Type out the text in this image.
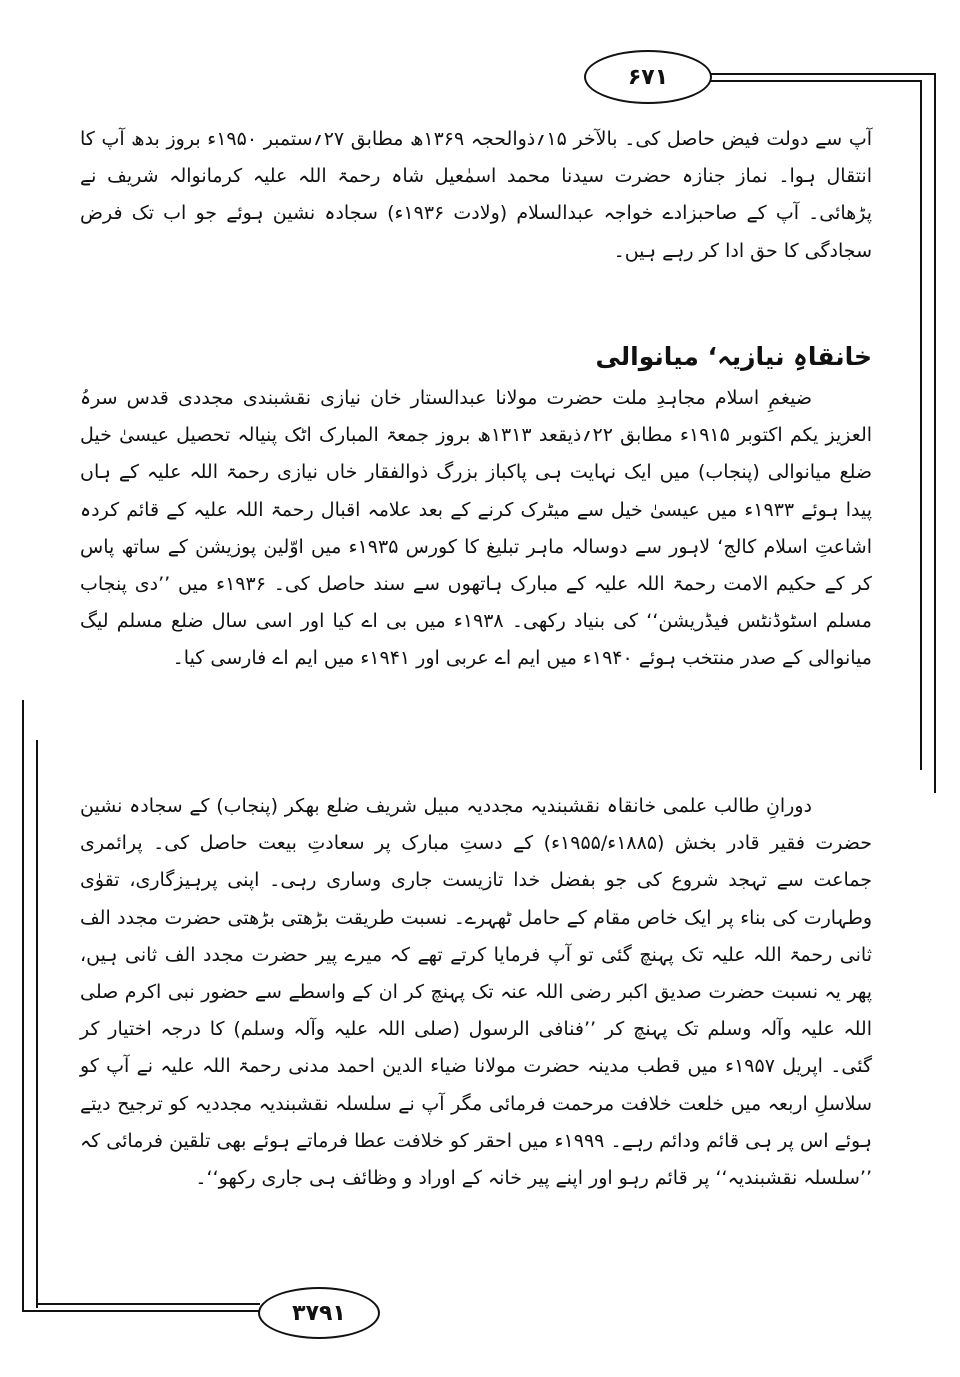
۶۷۱
۳۷۹۱

آپ سے دولت فیض حاصل کی۔ بالآخر ۱۵؍ذوالحجہ ۱۳۶۹ھ مطابق ۲۷؍ستمبر ۱۹۵۰ء بروز بدھ آپ کا انتقال ہوا۔ نماز جنازہ حضرت سیدنا محمد اسمٰعیل شاہ رحمۃ اللہ علیہ کرمانوالہ شریف نے پڑھائی۔ آپ کے صاحبزادے خواجہ عبدالسلام (ولادت ۱۹۳۶ء) سجادہ نشین ہوئے جو اب تک فرض سجادگی کا حق ادا کر رہے ہیں۔

خانقاہِ نیازیہ‘ میانوالی

ضیغمِ اسلام مجاہدِ ملت حضرت مولانا عبدالستار خان نیازی نقشبندی مجددی قدس سرہُ العزیز یکم اکتوبر ۱۹۱۵ء مطابق ۲۲؍ذیقعد ۱۳۱۳ھ بروز جمعۃ المبارک اٹک پنیالہ تحصیل عیسیٰ خیل ضلع میانوالی (پنجاب) میں ایک نہایت ہی پاکباز بزرگ ذوالفقار خاں نیازی رحمۃ اللہ علیہ کے ہاں پیدا ہوئے ۱۹۳۳ء میں عیسیٰ خیل سے میٹرک کرنے کے بعد علامہ اقبال رحمۃ اللہ علیہ کے قائم کردہ اشاعتِ اسلام کالج‘ لاہور سے دوسالہ ماہر تبلیغ کا کورس ۱۹۳۵ء میں اوّلین پوزیشن کے ساتھ پاس کر کے حکیم الامت رحمۃ اللہ علیہ کے مبارک ہاتھوں سے سند حاصل کی۔ ۱۹۳۶ء میں ’’دی پنجاب مسلم اسٹوڈنٹس فیڈریشن‘‘ کی بنیاد رکھی۔ ۱۹۳۸ء میں بی اے کیا اور اسی سال ضلع مسلم لیگ میانوالی کے صدر منتخب ہوئے ۱۹۴۰ء میں ایم اے عربی اور ۱۹۴۱ء میں ایم اے فارسی کیا۔

دورانِ طالب علمی خانقاہ نقشبندیہ مجددیہ مبیل شریف ضلع بھکر (پنجاب) کے سجادہ نشین حضرت فقیر قادر بخش (۱۸۸۵ء/۱۹۵۵ء) کے دستِ مبارک پر سعادتِ بیعت حاصل کی۔ پرائمری جماعت سے تہجد شروع کی جو بفضل خدا تازیست جاری وساری رہی۔ اپنی پرہیزگاری، تقوٰی وطہارت کی بناء پر ایک خاص مقام کے حامل ٹھہرے۔ نسبت طریقت بڑھتی بڑھتی حضرت مجدد الف ثانی رحمۃ اللہ علیہ تک پہنچ گئی تو آپ فرمایا کرتے تھے کہ میرے پیر حضرت مجدد الف ثانی ہیں، پھر یہ نسبت حضرت صدیق اکبر رضی اللہ عنہ تک پہنچ کر ان کے واسطے سے حضور نبی اکرم صلی اللہ علیہ وآلہ وسلم تک پہنچ کر ’’فنافی الرسول (صلی اللہ علیہ وآلہ وسلم) کا درجہ اختیار کر گئی۔ اپریل ۱۹۵۷ء میں قطب مدینہ حضرت مولانا ضیاء الدین احمد مدنی رحمۃ اللہ علیہ نے آپ کو سلاسلِ اربعہ میں خلعت خلافت مرحمت فرمائی مگر آپ نے سلسلہ نقشبندیہ مجددیہ کو ترجیح دیتے ہوئے اس پر ہی قائم ودائم رہے۔ ۱۹۹۹ء میں احقر کو خلافت عطا فرماتے ہوئے بھی تلقین فرمائی کہ ’’سلسلہ نقشبندیہ‘‘ پر قائم رہو اور اپنے پیر خانہ کے اوراد و وظائف ہی جاری رکھو‘‘۔
